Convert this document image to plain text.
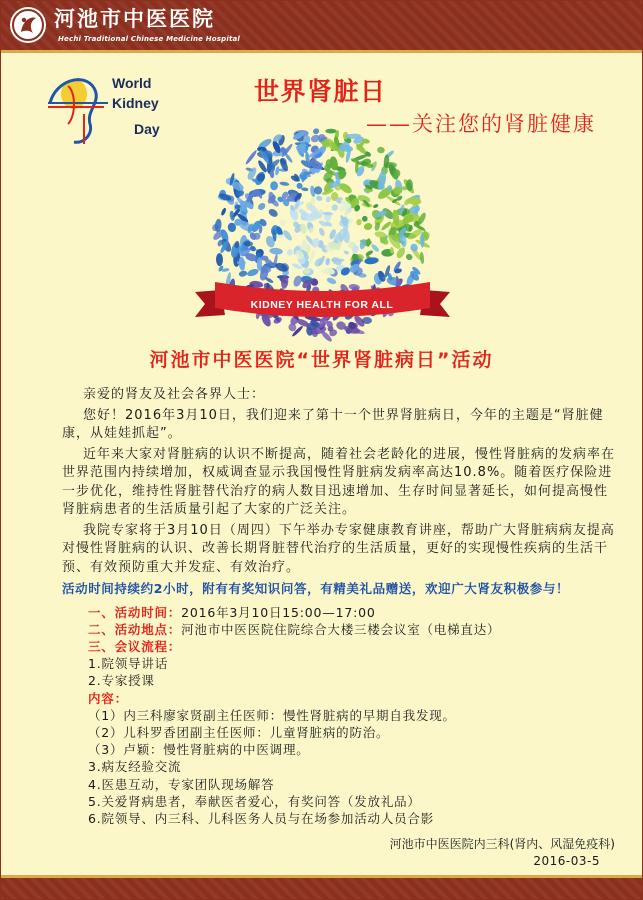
河池市中医医院
Hechi Traditional Chinese Medicine Hospital
World
Kidney
Day
世界肾脏日
——关注您的肾脏健康
KIDNEY HEALTH FOR ALL
河池市中医医院“世界肾脏病日”活动

亲爱的肾友及社会各界人士：

您好！2016年3月10日，我们迎来了第十一个世界肾脏病日，今年的主题是“肾脏健康，从娃娃抓起”。

近年来大家对肾脏病的认识不断提高，随着社会老龄化的进展，慢性肾脏病的发病率在世界范围内持续增加，权威调查显示我国慢性肾脏病发病率高达10.8%。随着医疗保险进一步优化，维持性肾脏替代治疗的病人数目迅速增加、生存时间显著延长，如何提高慢性肾脏病患者的生活质量引起了大家的广泛关注。

我院专家将于3月10日（周四）下午举办专家健康教育讲座，帮助广大肾脏病病友提高对慢性肾脏病的认识、改善长期肾脏替代治疗的生活质量，更好的实现慢性疾病的生活干预、有效预防重大并发症、有效治疗。

活动时间持续约2小时，附有有奖知识问答，有精美礼品赠送，欢迎广大肾友积极参与！
一、活动时间：2016年3月10日15:00—17:00
二、活动地点：河池市中医医院住院综合大楼三楼会议室（电梯直达）
三、会议流程：
1.院领导讲话
2.专家授课
内容：
（1）内三科廖家贤副主任医师：慢性肾脏病的早期自我发现。
（2）儿科罗香团副主任医师：儿童肾脏病的防治。
（3）卢颖：慢性肾脏病的中医调理。
3.病友经验交流
4.医患互动，专家团队现场解答
5.关爱肾病患者，奉献医者爱心，有奖问答（发放礼品）
6.院领导、内三科、儿科医务人员与在场参加活动人员合影
河池市中医医院内三科(肾内、风湿免疫科)
2016-03-5
